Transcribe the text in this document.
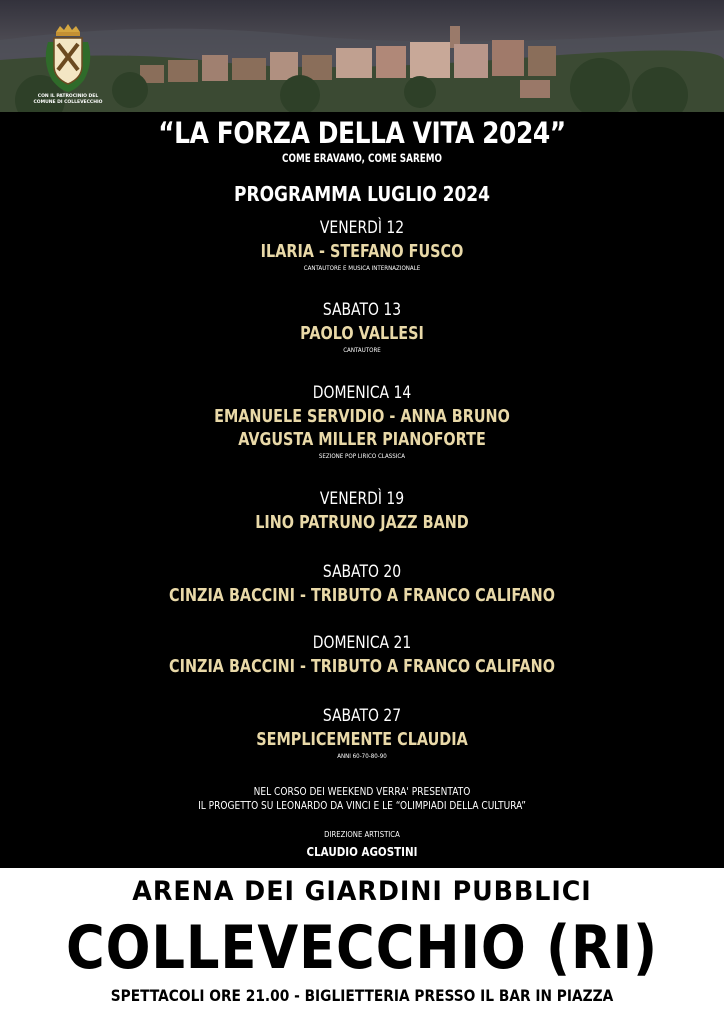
CON IL PATROCINIO DEL
COMUNE DI COLLEVECCHIO
“LA FORZA DELLA VITA 2024”
COME ERAVAMO, COME SAREMO
PROGRAMMA LUGLIO 2024
VENERDÌ 12
ILARIA - STEFANO FUSCO
CANTAUTORE E MUSICA INTERNAZIONALE
SABATO 13
PAOLO VALLESI
CANTAUTORE
DOMENICA 14
EMANUELE SERVIDIO - ANNA BRUNO
AVGUSTA MILLER PIANOFORTE
SEZIONE POP LIRICO CLASSICA
VENERDÌ 19
LINO PATRUNO JAZZ BAND
SABATO 20
CINZIA BACCINI - TRIBUTO A FRANCO CALIFANO
DOMENICA 21
CINZIA BACCINI - TRIBUTO A FRANCO CALIFANO
SABATO 27
SEMPLICEMENTE CLAUDIA
ANNI 60-70-80-90
NEL CORSO DEI WEEKEND VERRA' PRESENTATO
IL PROGETTO SU LEONARDO DA VINCI E LE “OLIMPIADI DELLA CULTURA”
DIREZIONE ARTISTICA
CLAUDIO AGOSTINI
ARENA DEI GIARDINI PUBBLICI
COLLEVECCHIO (RI)
SPETTACOLI ORE 21.00 - BIGLIETTERIA PRESSO IL BAR IN PIAZZA
